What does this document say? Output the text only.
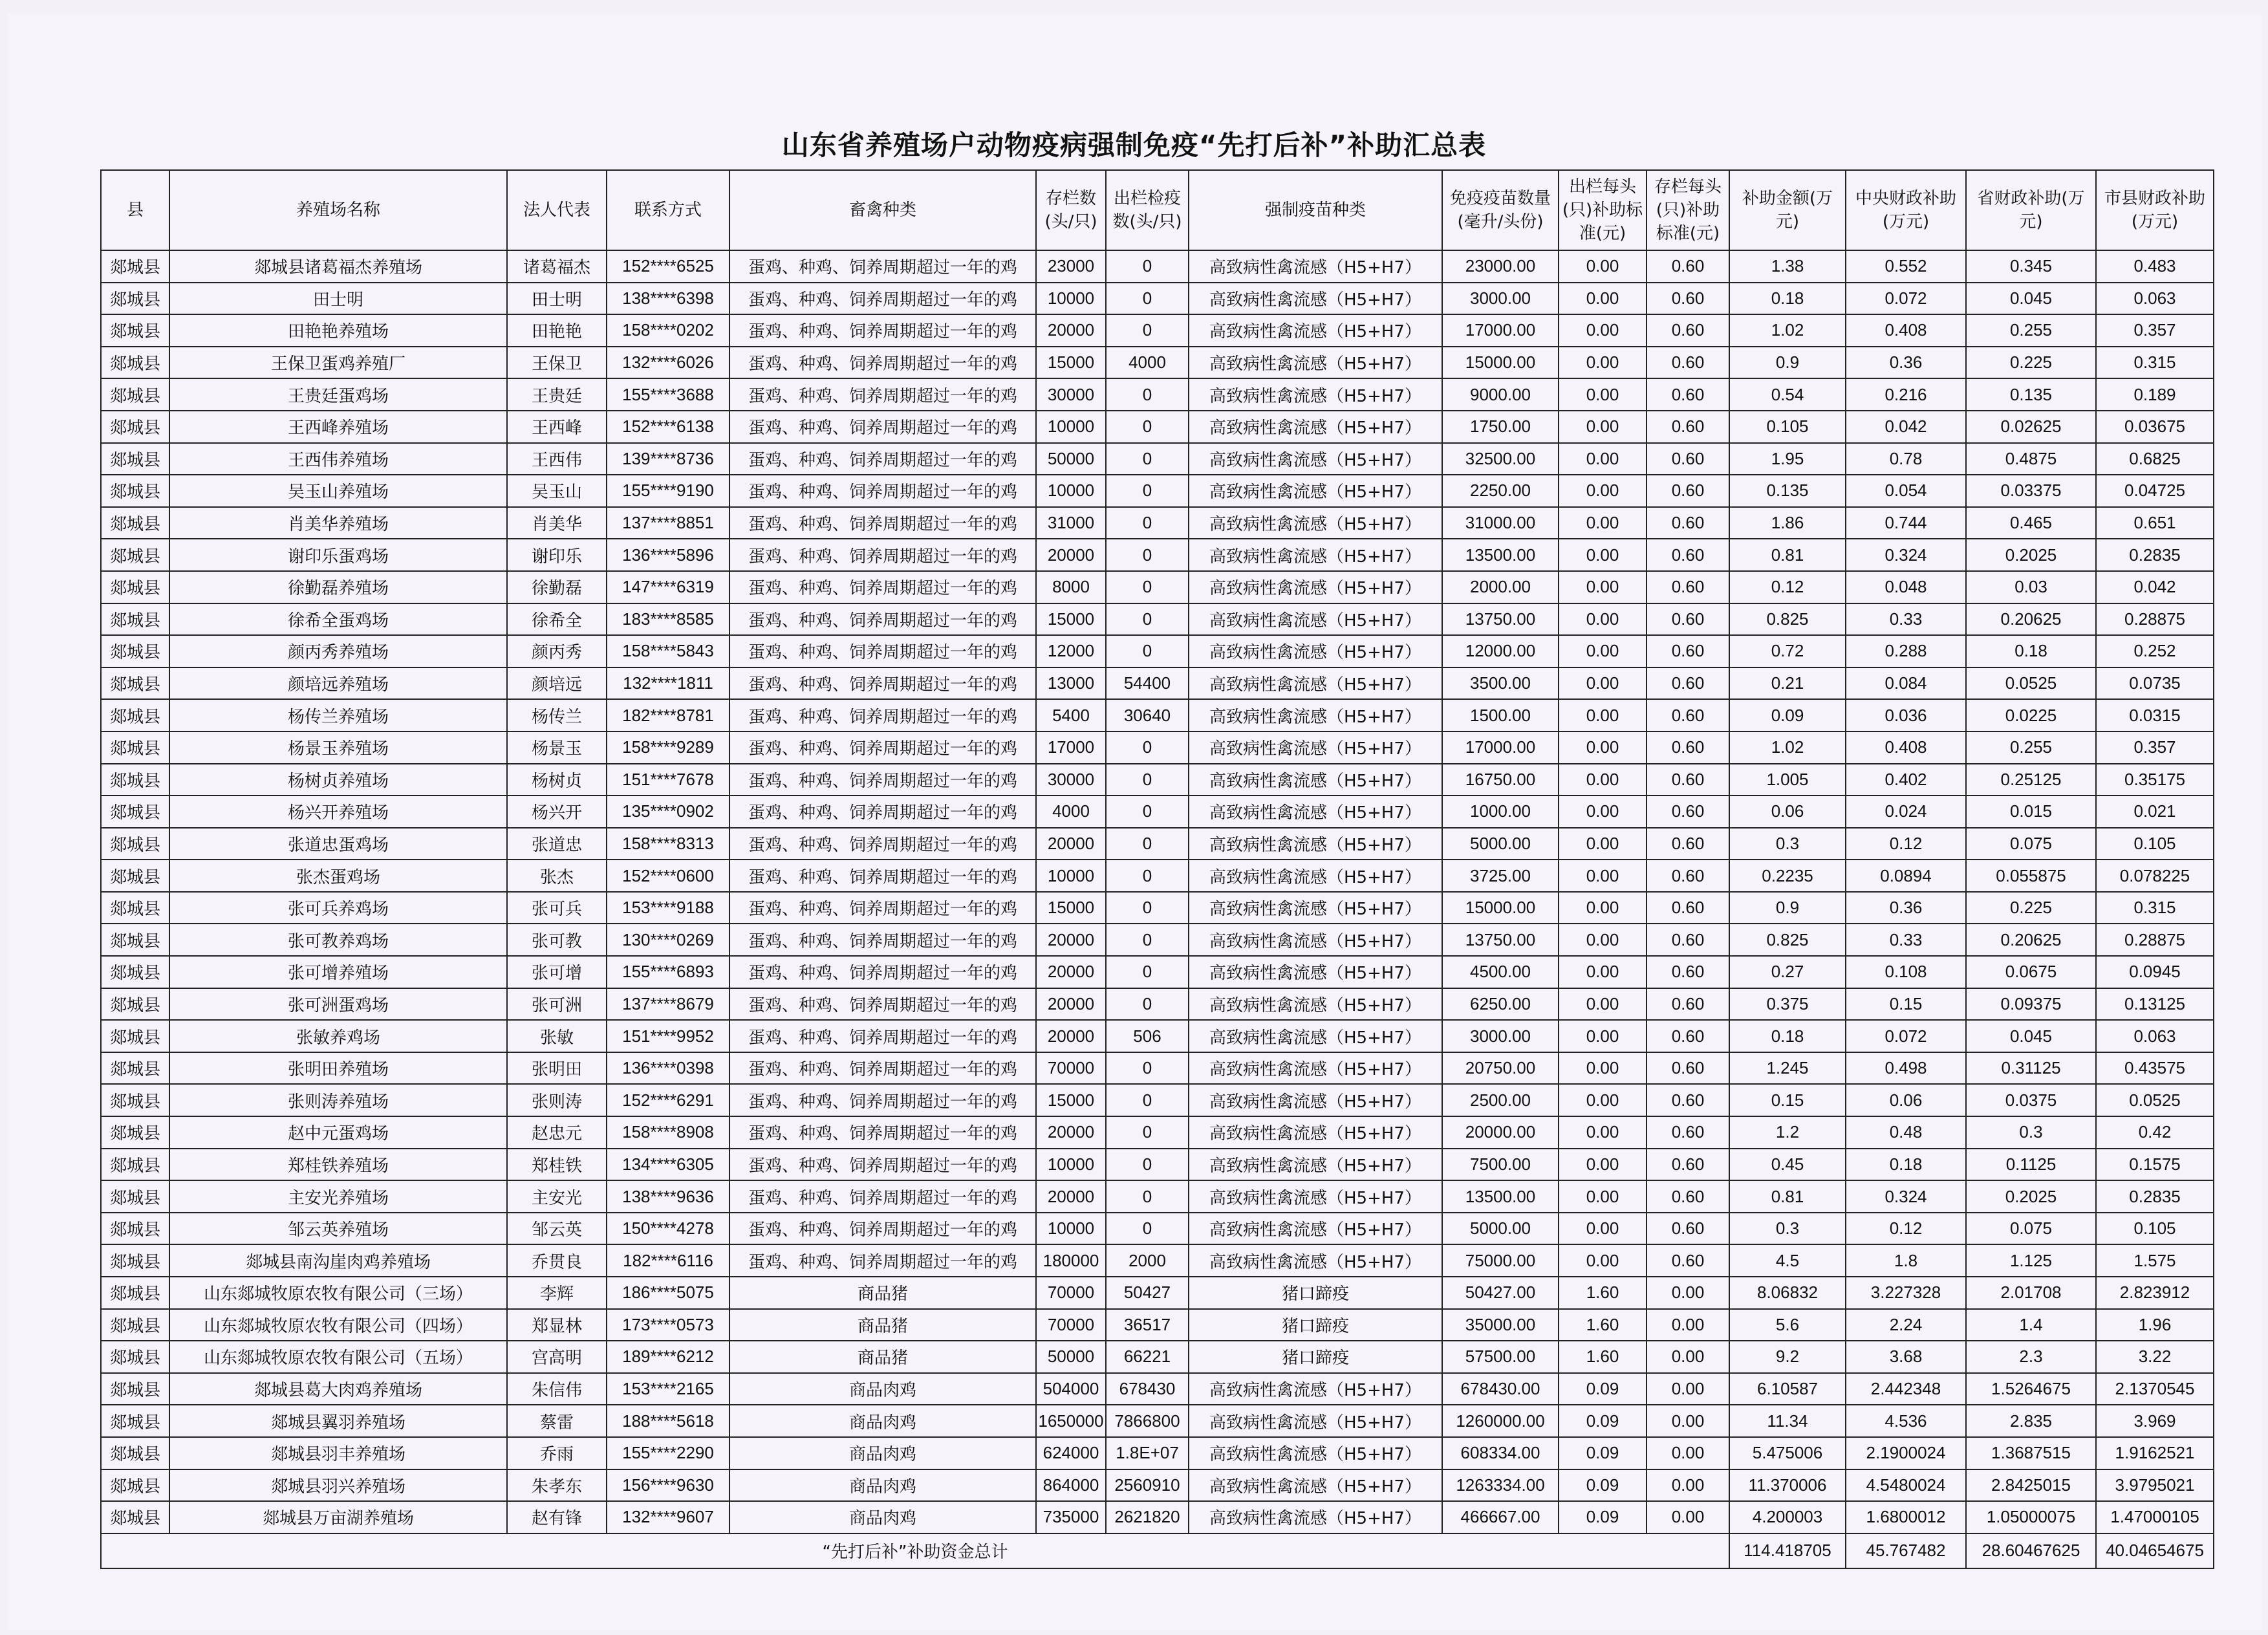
山东省养殖场户动物疫病强制免疫“先打后补”补助汇总表
县	养殖场名称	法人代表	联系方式	畜禽种类	存栏数(头/只)	出栏检疫数(头/只)	强制疫苗种类	免疫疫苗数量(毫升/头份)	出栏每头(只)补助标准(元)	存栏每头(只)补助标准(元)	补助金额(万元)	中央财政补助(万元)	省财政补助(万元)	市县财政补助(万元)
郯城县	郯城县诸葛福杰养殖场	诸葛福杰	152****6525	蛋鸡、种鸡、饲养周期超过一年的鸡	23000	0	高致病性禽流感（H5+H7）	23000.00	0.00	0.60	1.38	0.552	0.345	0.483
郯城县	田士明	田士明	138****6398	蛋鸡、种鸡、饲养周期超过一年的鸡	10000	0	高致病性禽流感（H5+H7）	3000.00	0.00	0.60	0.18	0.072	0.045	0.063
郯城县	田艳艳养殖场	田艳艳	158****0202	蛋鸡、种鸡、饲养周期超过一年的鸡	20000	0	高致病性禽流感（H5+H7）	17000.00	0.00	0.60	1.02	0.408	0.255	0.357
郯城县	王保卫蛋鸡养殖厂	王保卫	132****6026	蛋鸡、种鸡、饲养周期超过一年的鸡	15000	4000	高致病性禽流感（H5+H7）	15000.00	0.00	0.60	0.9	0.36	0.225	0.315
郯城县	王贵廷蛋鸡场	王贵廷	155****3688	蛋鸡、种鸡、饲养周期超过一年的鸡	30000	0	高致病性禽流感（H5+H7）	9000.00	0.00	0.60	0.54	0.216	0.135	0.189
郯城县	王西峰养殖场	王西峰	152****6138	蛋鸡、种鸡、饲养周期超过一年的鸡	10000	0	高致病性禽流感（H5+H7）	1750.00	0.00	0.60	0.105	0.042	0.02625	0.03675
郯城县	王西伟养殖场	王西伟	139****8736	蛋鸡、种鸡、饲养周期超过一年的鸡	50000	0	高致病性禽流感（H5+H7）	32500.00	0.00	0.60	1.95	0.78	0.4875	0.6825
郯城县	吴玉山养殖场	吴玉山	155****9190	蛋鸡、种鸡、饲养周期超过一年的鸡	10000	0	高致病性禽流感（H5+H7）	2250.00	0.00	0.60	0.135	0.054	0.03375	0.04725
郯城县	肖美华养殖场	肖美华	137****8851	蛋鸡、种鸡、饲养周期超过一年的鸡	31000	0	高致病性禽流感（H5+H7）	31000.00	0.00	0.60	1.86	0.744	0.465	0.651
郯城县	谢印乐蛋鸡场	谢印乐	136****5896	蛋鸡、种鸡、饲养周期超过一年的鸡	20000	0	高致病性禽流感（H5+H7）	13500.00	0.00	0.60	0.81	0.324	0.2025	0.2835
郯城县	徐勤磊养殖场	徐勤磊	147****6319	蛋鸡、种鸡、饲养周期超过一年的鸡	8000	0	高致病性禽流感（H5+H7）	2000.00	0.00	0.60	0.12	0.048	0.03	0.042
郯城县	徐希全蛋鸡场	徐希全	183****8585	蛋鸡、种鸡、饲养周期超过一年的鸡	15000	0	高致病性禽流感（H5+H7）	13750.00	0.00	0.60	0.825	0.33	0.20625	0.28875
郯城县	颜丙秀养殖场	颜丙秀	158****5843	蛋鸡、种鸡、饲养周期超过一年的鸡	12000	0	高致病性禽流感（H5+H7）	12000.00	0.00	0.60	0.72	0.288	0.18	0.252
郯城县	颜培远养殖场	颜培远	132****1811	蛋鸡、种鸡、饲养周期超过一年的鸡	13000	54400	高致病性禽流感（H5+H7）	3500.00	0.00	0.60	0.21	0.084	0.0525	0.0735
郯城县	杨传兰养殖场	杨传兰	182****8781	蛋鸡、种鸡、饲养周期超过一年的鸡	5400	30640	高致病性禽流感（H5+H7）	1500.00	0.00	0.60	0.09	0.036	0.0225	0.0315
郯城县	杨景玉养殖场	杨景玉	158****9289	蛋鸡、种鸡、饲养周期超过一年的鸡	17000	0	高致病性禽流感（H5+H7）	17000.00	0.00	0.60	1.02	0.408	0.255	0.357
郯城县	杨树贞养殖场	杨树贞	151****7678	蛋鸡、种鸡、饲养周期超过一年的鸡	30000	0	高致病性禽流感（H5+H7）	16750.00	0.00	0.60	1.005	0.402	0.25125	0.35175
郯城县	杨兴开养殖场	杨兴开	135****0902	蛋鸡、种鸡、饲养周期超过一年的鸡	4000	0	高致病性禽流感（H5+H7）	1000.00	0.00	0.60	0.06	0.024	0.015	0.021
郯城县	张道忠蛋鸡场	张道忠	158****8313	蛋鸡、种鸡、饲养周期超过一年的鸡	20000	0	高致病性禽流感（H5+H7）	5000.00	0.00	0.60	0.3	0.12	0.075	0.105
郯城县	张杰蛋鸡场	张杰	152****0600	蛋鸡、种鸡、饲养周期超过一年的鸡	10000	0	高致病性禽流感（H5+H7）	3725.00	0.00	0.60	0.2235	0.0894	0.055875	0.078225
郯城县	张可兵养鸡场	张可兵	153****9188	蛋鸡、种鸡、饲养周期超过一年的鸡	15000	0	高致病性禽流感（H5+H7）	15000.00	0.00	0.60	0.9	0.36	0.225	0.315
郯城县	张可教养鸡场	张可教	130****0269	蛋鸡、种鸡、饲养周期超过一年的鸡	20000	0	高致病性禽流感（H5+H7）	13750.00	0.00	0.60	0.825	0.33	0.20625	0.28875
郯城县	张可增养殖场	张可增	155****6893	蛋鸡、种鸡、饲养周期超过一年的鸡	20000	0	高致病性禽流感（H5+H7）	4500.00	0.00	0.60	0.27	0.108	0.0675	0.0945
郯城县	张可洲蛋鸡场	张可洲	137****8679	蛋鸡、种鸡、饲养周期超过一年的鸡	20000	0	高致病性禽流感（H5+H7）	6250.00	0.00	0.60	0.375	0.15	0.09375	0.13125
郯城县	张敏养鸡场	张敏	151****9952	蛋鸡、种鸡、饲养周期超过一年的鸡	20000	506	高致病性禽流感（H5+H7）	3000.00	0.00	0.60	0.18	0.072	0.045	0.063
郯城县	张明田养殖场	张明田	136****0398	蛋鸡、种鸡、饲养周期超过一年的鸡	70000	0	高致病性禽流感（H5+H7）	20750.00	0.00	0.60	1.245	0.498	0.31125	0.43575
郯城县	张则涛养殖场	张则涛	152****6291	蛋鸡、种鸡、饲养周期超过一年的鸡	15000	0	高致病性禽流感（H5+H7）	2500.00	0.00	0.60	0.15	0.06	0.0375	0.0525
郯城县	赵中元蛋鸡场	赵忠元	158****8908	蛋鸡、种鸡、饲养周期超过一年的鸡	20000	0	高致病性禽流感（H5+H7）	20000.00	0.00	0.60	1.2	0.48	0.3	0.42
郯城县	郑桂铁养殖场	郑桂铁	134****6305	蛋鸡、种鸡、饲养周期超过一年的鸡	10000	0	高致病性禽流感（H5+H7）	7500.00	0.00	0.60	0.45	0.18	0.1125	0.1575
郯城县	主安光养殖场	主安光	138****9636	蛋鸡、种鸡、饲养周期超过一年的鸡	20000	0	高致病性禽流感（H5+H7）	13500.00	0.00	0.60	0.81	0.324	0.2025	0.2835
郯城县	邹云英养殖场	邹云英	150****4278	蛋鸡、种鸡、饲养周期超过一年的鸡	10000	0	高致病性禽流感（H5+H7）	5000.00	0.00	0.60	0.3	0.12	0.075	0.105
郯城县	郯城县南沟崖肉鸡养殖场	乔贯良	182****6116	蛋鸡、种鸡、饲养周期超过一年的鸡	180000	2000	高致病性禽流感（H5+H7）	75000.00	0.00	0.60	4.5	1.8	1.125	1.575
郯城县	山东郯城牧原农牧有限公司（三场）	李辉	186****5075	商品猪	70000	50427	猪口蹄疫	50427.00	1.60	0.00	8.06832	3.227328	2.01708	2.823912
郯城县	山东郯城牧原农牧有限公司（四场）	郑显林	173****0573	商品猪	70000	36517	猪口蹄疫	35000.00	1.60	0.00	5.6	2.24	1.4	1.96
郯城县	山东郯城牧原农牧有限公司（五场）	宫高明	189****6212	商品猪	50000	66221	猪口蹄疫	57500.00	1.60	0.00	9.2	3.68	2.3	3.22
郯城县	郯城县葛大肉鸡养殖场	朱信伟	153****2165	商品肉鸡	504000	678430	高致病性禽流感（H5+H7）	678430.00	0.09	0.00	6.10587	2.442348	1.5264675	2.1370545
郯城县	郯城县翼羽养殖场	蔡雷	188****5618	商品肉鸡	1650000	7866800	高致病性禽流感（H5+H7）	1260000.00	0.09	0.00	11.34	4.536	2.835	3.969
郯城县	郯城县羽丰养殖场	乔雨	155****2290	商品肉鸡	624000	1.8E+07	高致病性禽流感（H5+H7）	608334.00	0.09	0.00	5.475006	2.1900024	1.3687515	1.9162521
郯城县	郯城县羽兴养殖场	朱孝东	156****9630	商品肉鸡	864000	2560910	高致病性禽流感（H5+H7）	1263334.00	0.09	0.00	11.370006	4.5480024	2.8425015	3.9795021
郯城县	郯城县万亩湖养殖场	赵有锋	132****9607	商品肉鸡	735000	2621820	高致病性禽流感（H5+H7）	466667.00	0.09	0.00	4.200003	1.6800012	1.05000075	1.47000105
“先打后补”补助资金总计											114.418705	45.767482	28.60467625	40.04654675
